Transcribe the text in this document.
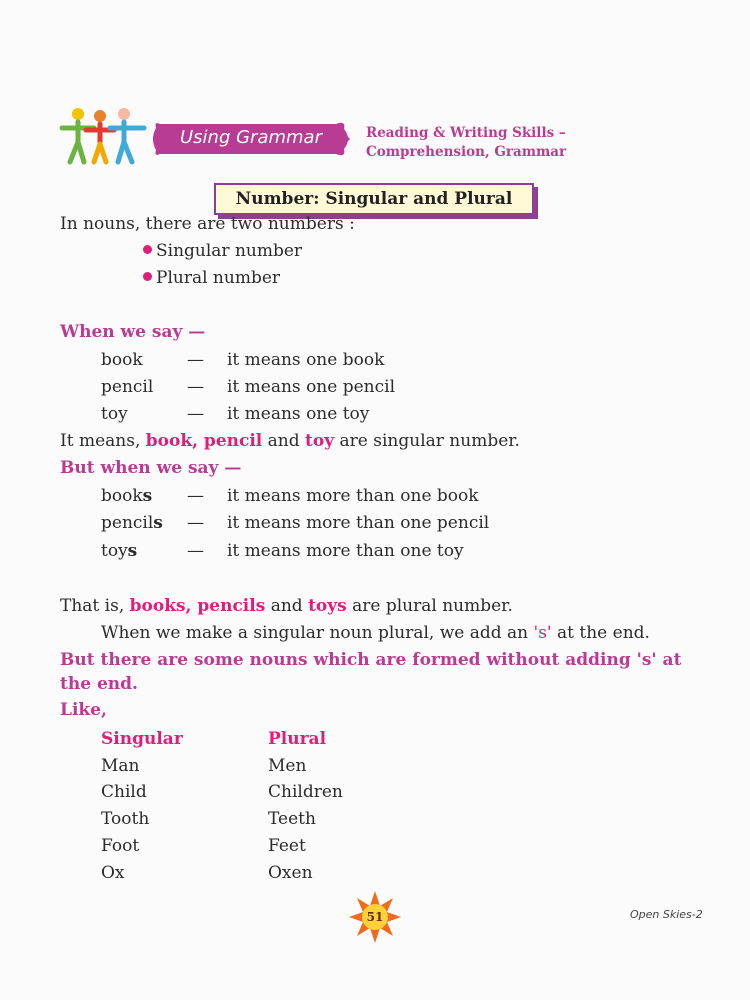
Using Grammar	Reading & Writing Skills –
Comprehension, Grammar
Number: Singular and Plural
In nouns, there are two numbers :
Singular number
Plural number
When we say —
book	— it means one book
pencil — it means one pencil
toy	— it means one toy
It means, book, pencil and toy are singular number.
But when we say —
books — it means more than one book
pencils — it means more than one pencil
toys	— it means more than one toy
That is, books, pencils and toys are plural number.
When we make a singular noun plural, we add an 's' at the end.
But there are some nouns which are formed without adding 's' at
the end.
Like,
Singular	Plural
Man	Men
Child	Children
Tooth	Teeth
Foot	Feet
Ox	Oxen
51	Open Skies-2
